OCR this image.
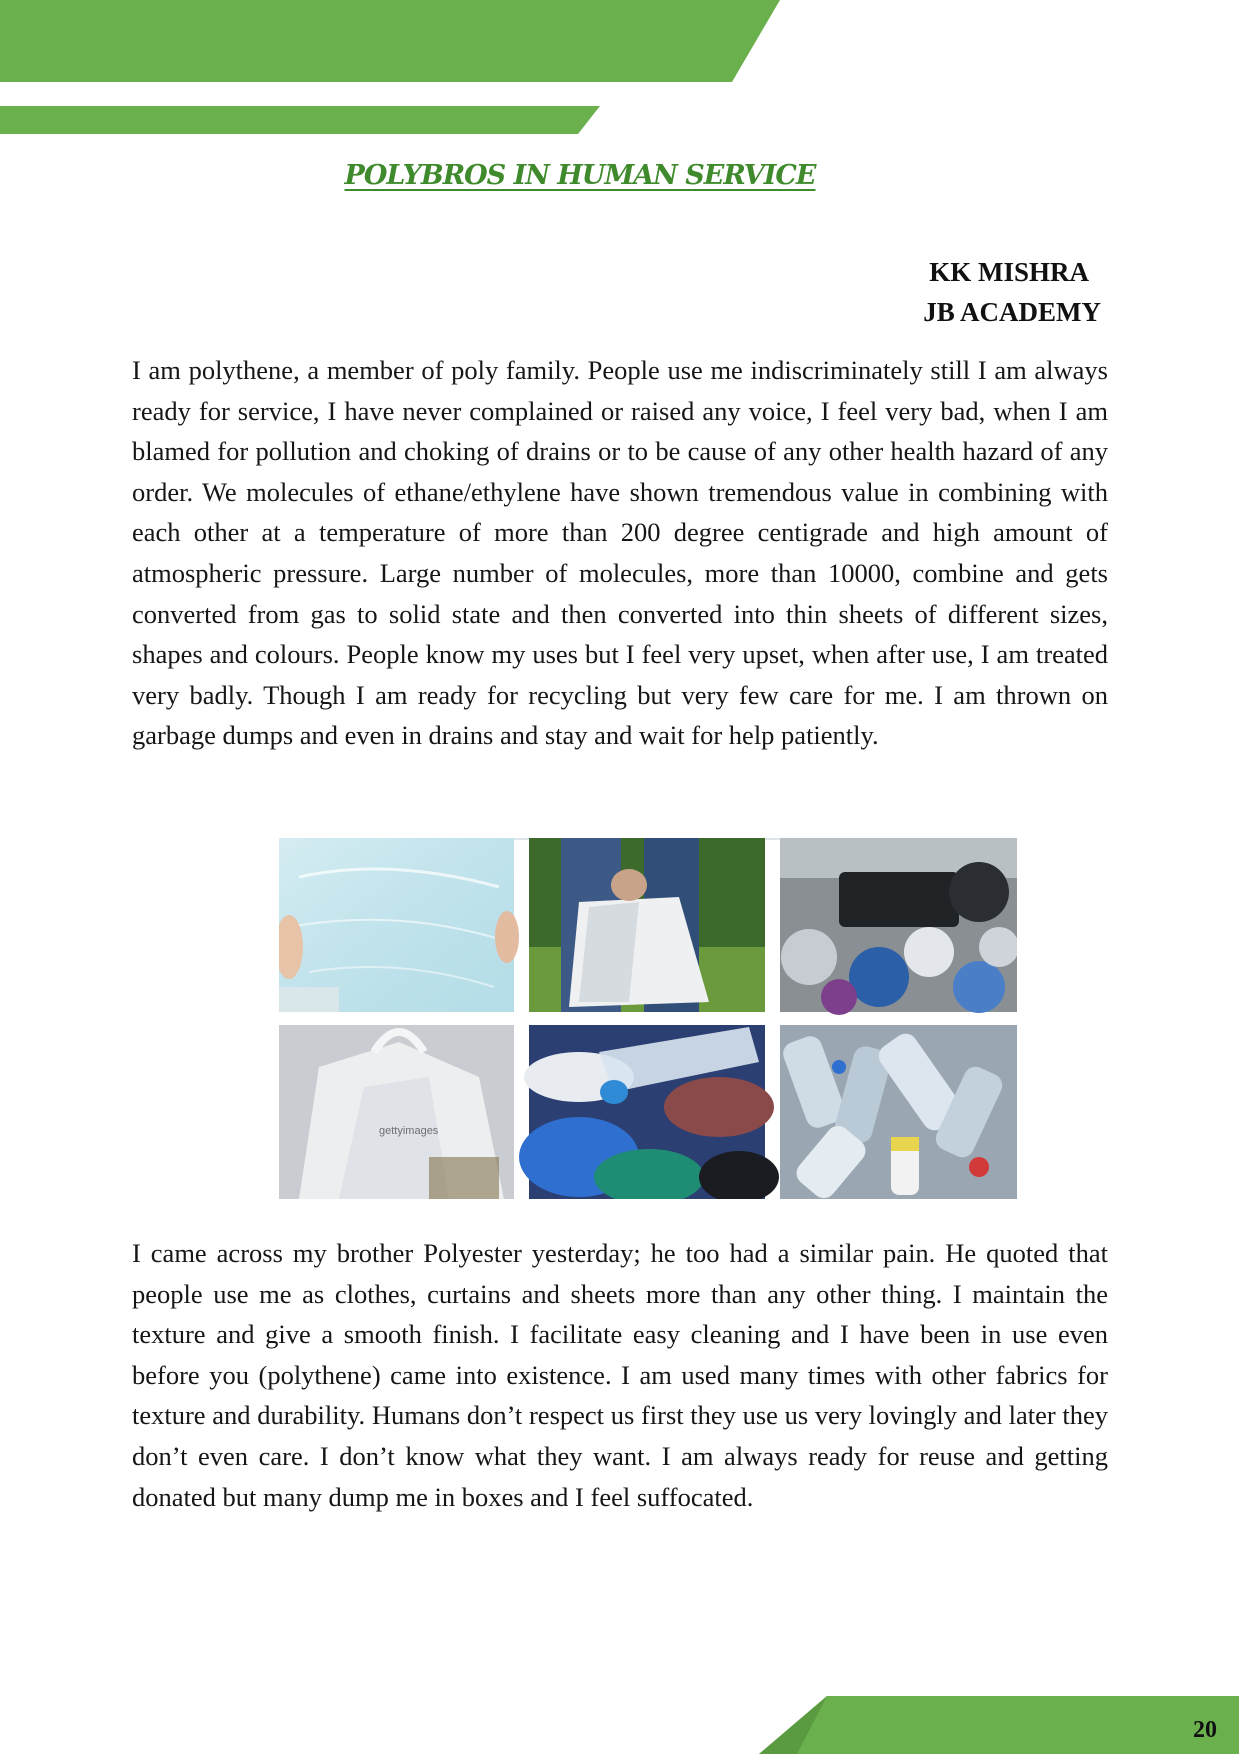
POLYBROS IN HUMAN SERVICE
KK MISHRA
JB ACADEMY

I am polythene, a member of poly family. People use me indiscriminately still I am always ready for service, I have never complained or raised any voice, I feel very bad, when I am blamed for pollution and choking of drains or to be cause of any other health hazard of any order. We molecules of ethane/ethylene have shown tremendous value in combining with each other at a temperature of more than 200 degree centigrade and high amount of atmospheric pressure. Large number of molecules, more than 10000, combine and gets converted from gas to solid state and then converted into thin sheets of different sizes, shapes and colours. People know my uses but I feel very upset, when after use, I am treated very badly. Though I am ready for recycling but very few care for me. I am thrown on garbage dumps and even in drains and stay and wait for help patiently.

gettyimages

I came across my brother Polyester yesterday; he too had a similar pain. He quoted that people use me as clothes, curtains and sheets more than any other thing. I maintain the texture and give a smooth finish. I facilitate easy cleaning and I have been in use even before you (polythene) came into existence. I am used many times with other fabrics for texture and durability. Humans don’t respect us first they use us very lovingly and later they don’t even care. I don’t know what they want. I am always ready for reuse and getting donated but many dump me in boxes and I feel suffocated.

20
